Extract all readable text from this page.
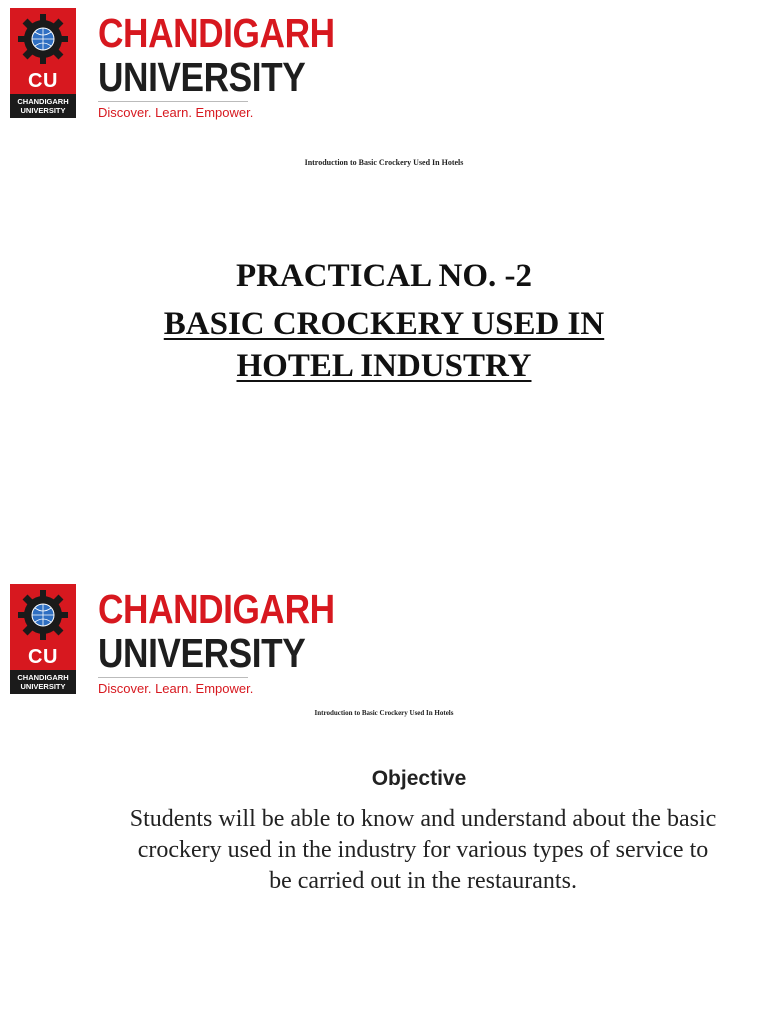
CU
CHANDIGARH
UNIVERSITY
CHANDIGARH
UNIVERSITY
Discover. Learn. Empower.
Introduction to Basic Crockery Used In Hotels
PRACTICAL NO. -2
BASIC CROCKERY USED IN
HOTEL INDUSTRY
CU
CHANDIGARH
UNIVERSITY
CHANDIGARH
UNIVERSITY
Discover. Learn. Empower.
Introduction to Basic Crockery Used In Hotels
Objective
Students will be able to know and understand about the basic crockery used in the industry for various types of service to be carried out in the restaurants.
